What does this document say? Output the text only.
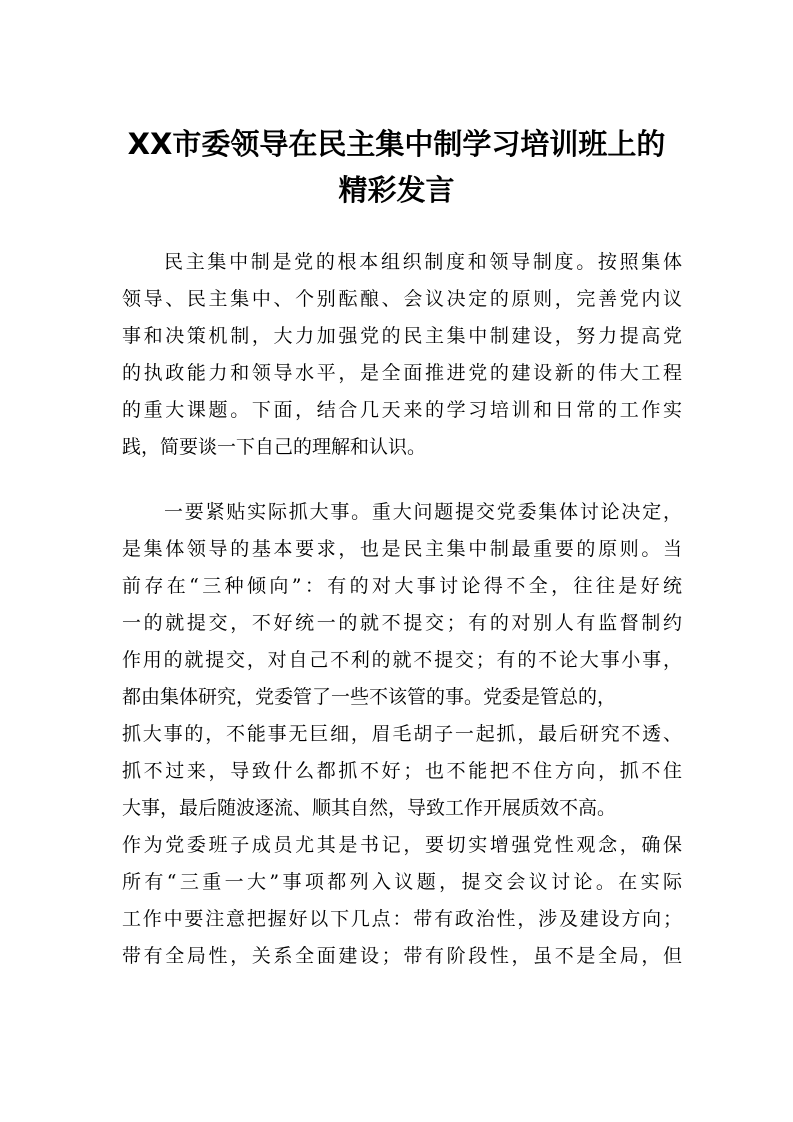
XX市委领导在民主集中制学习培训班上的
精彩发言
民主集中制是党的根本组织制度和领导制度。按照集体
领导、民主集中、个别酝酿、会议决定的原则，完善党内议
事和决策机制，大力加强党的民主集中制建设，努力提高党
的执政能力和领导水平，是全面推进党的建设新的伟大工程
的重大课题。下面，结合几天来的学习培训和日常的工作实
践，简要谈一下自己的理解和认识。
一要紧贴实际抓大事。重大问题提交党委集体讨论决定，
是集体领导的基本要求，也是民主集中制最重要的原则。当
前存在“三种倾向”：有的对大事讨论得不全，往往是好统
一的就提交，不好统一的就不提交；有的对别人有监督制约
作用的就提交，对自己不利的就不提交；有的不论大事小事，
都由集体研究，党委管了一些不该管的事。党委是管总的，
抓大事的，不能事无巨细，眉毛胡子一起抓，最后研究不透、
抓不过来，导致什么都抓不好；也不能把不住方向，抓不住
大事，最后随波逐流、顺其自然，导致工作开展质效不高。
作为党委班子成员尤其是书记，要切实增强党性观念，确保
所有“三重一大”事项都列入议题，提交会议讨论。在实际
工作中要注意把握好以下几点：带有政治性，涉及建设方向；
带有全局性，关系全面建设；带有阶段性，虽不是全局，但
